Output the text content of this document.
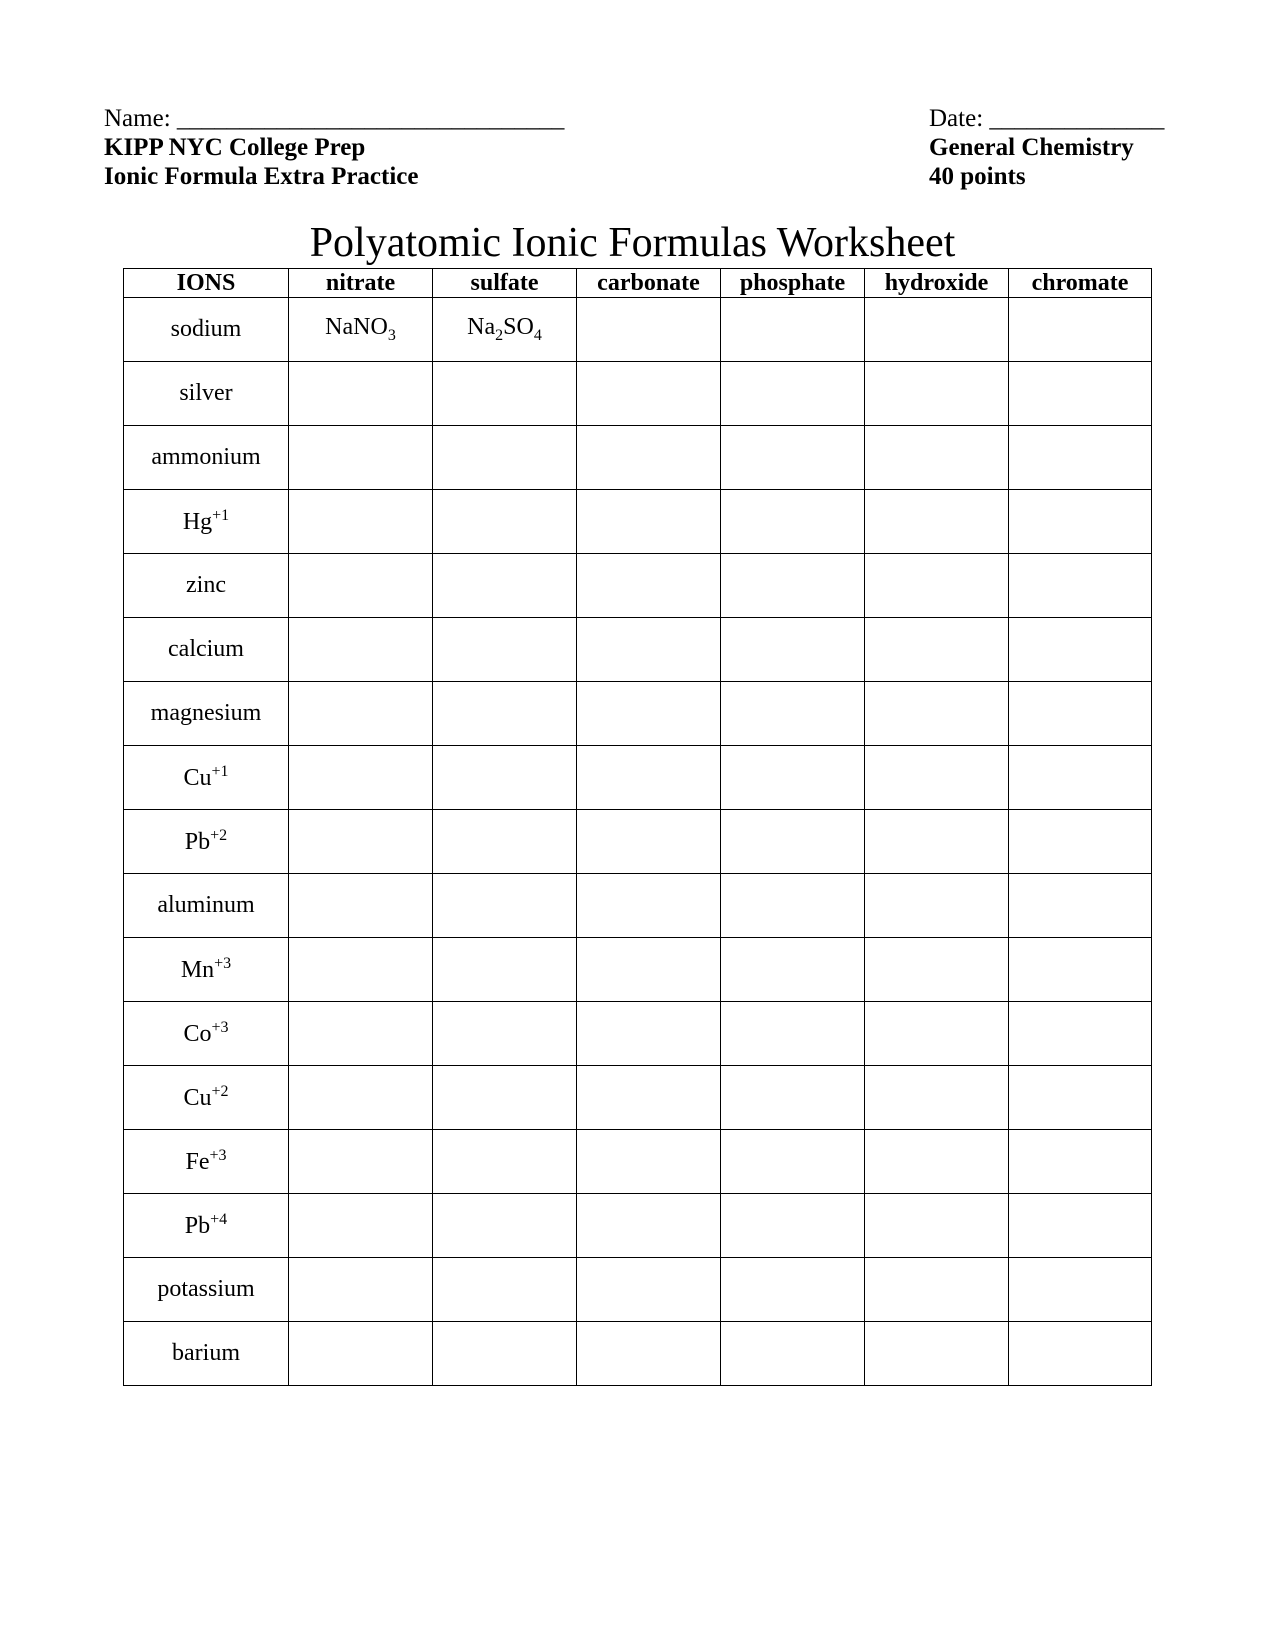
Name: _______________________________
KIPP NYC College Prep
Ionic Formula Extra Practice
Date: ______________
General Chemistry
40 points
Polyatomic Ionic Formulas Worksheet
IONS	nitrate	sulfate	carbonate	phosphate	hydroxide	chromate
sodium	NaNO$_3$	$Na_2SO_4$				
silver						
ammonium						
$Hg^{+1}$						
zinc						
calcium						
magnesium						
$Cu^{+1}$						
$Pb^{+2}$						
aluminum						
$Mn^{+3}$						
$Co^{+3}$						
$Cu^{+2}$						
$Fe^{+3}$						
$Pb^{+4}$						
potassium						
barium						
